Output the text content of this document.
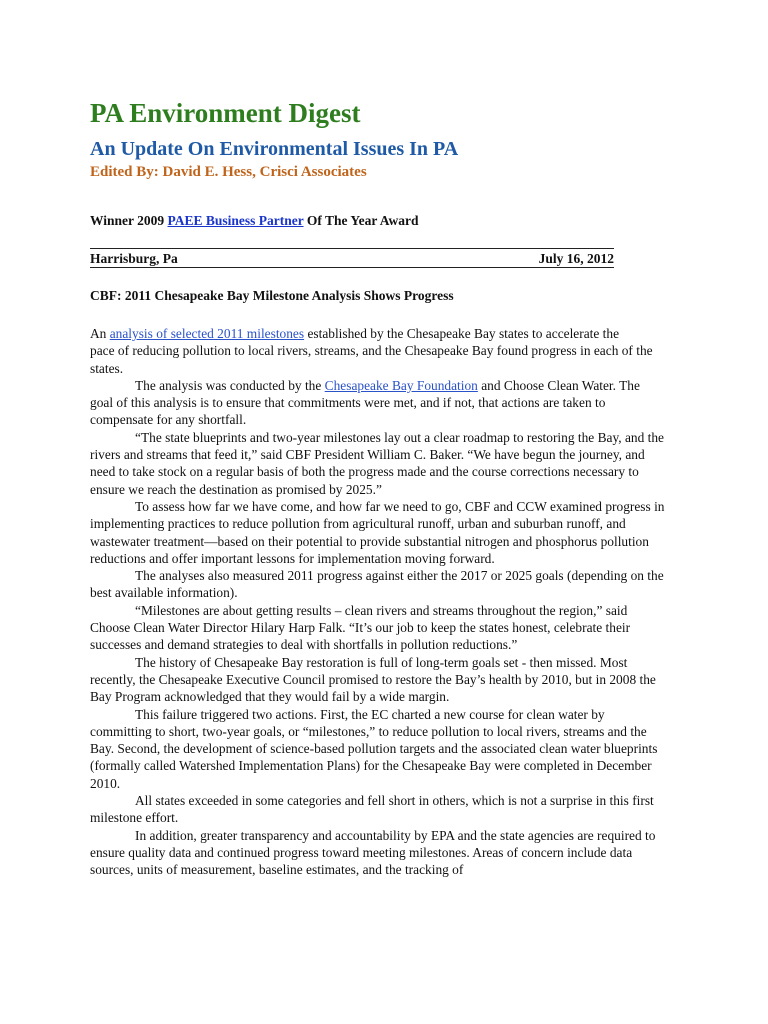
PA Environment Digest
An Update On Environmental Issues In PA
Edited By: David E. Hess, Crisci Associates
Winner 2009 PAEE Business Partner Of The Year Award
Harrisburg, Pa	July 16, 2012
CBF: 2011 Chesapeake Bay Milestone Analysis Shows Progress

An analysis of selected 2011 milestones established by the Chesapeake Bay states to accelerate the

pace of reducing pollution to local rivers, streams, and the Chesapeake Bay found progress in each of the states.

The analysis was conducted by the Chesapeake Bay Foundation and Choose Clean Water. The goal of this analysis is to ensure that commitments were met, and if not, that actions are taken to compensate for any shortfall.

“The state blueprints and two-year milestones lay out a clear roadmap to restoring the Bay, and the rivers and streams that feed it,” said CBF President William C. Baker. “We have begun the journey, and need to take stock on a regular basis of both the progress made and the course corrections necessary to ensure we reach the destination as promised by 2025.”

To assess how far we have come, and how far we need to go, CBF and CCW examined progress in implementing practices to reduce pollution from agricultural runoff, urban and suburban runoff, and wastewater treatment—based on their potential to provide substantial nitrogen and phosphorus pollution reductions and offer important lessons for implementation moving forward.

The analyses also measured 2011 progress against either the 2017 or 2025 goals (depending on the best available information).

“Milestones are about getting results – clean rivers and streams throughout the region,” said Choose Clean Water Director Hilary Harp Falk. “It’s our job to keep the states honest, celebrate their successes and demand strategies to deal with shortfalls in pollution reductions.”

The history of Chesapeake Bay restoration is full of long-term goals set - then missed. Most recently, the Chesapeake Executive Council promised to restore the Bay’s health by 2010, but in 2008 the Bay Program acknowledged that they would fail by a wide margin.

This failure triggered two actions. First, the EC charted a new course for clean water by committing to short, two-year goals, or “milestones,” to reduce pollution to local rivers, streams and the Bay. Second, the development of science-based pollution targets and the associated clean water blueprints (formally called Watershed Implementation Plans) for the Chesapeake Bay were completed in December 2010.

All states exceeded in some categories and fell short in others, which is not a surprise in this first milestone effort.

In addition, greater transparency and accountability by EPA and the state agencies are required to ensure quality data and continued progress toward meeting milestones. Areas of concern include data sources, units of measurement, baseline estimates, and the tracking of
